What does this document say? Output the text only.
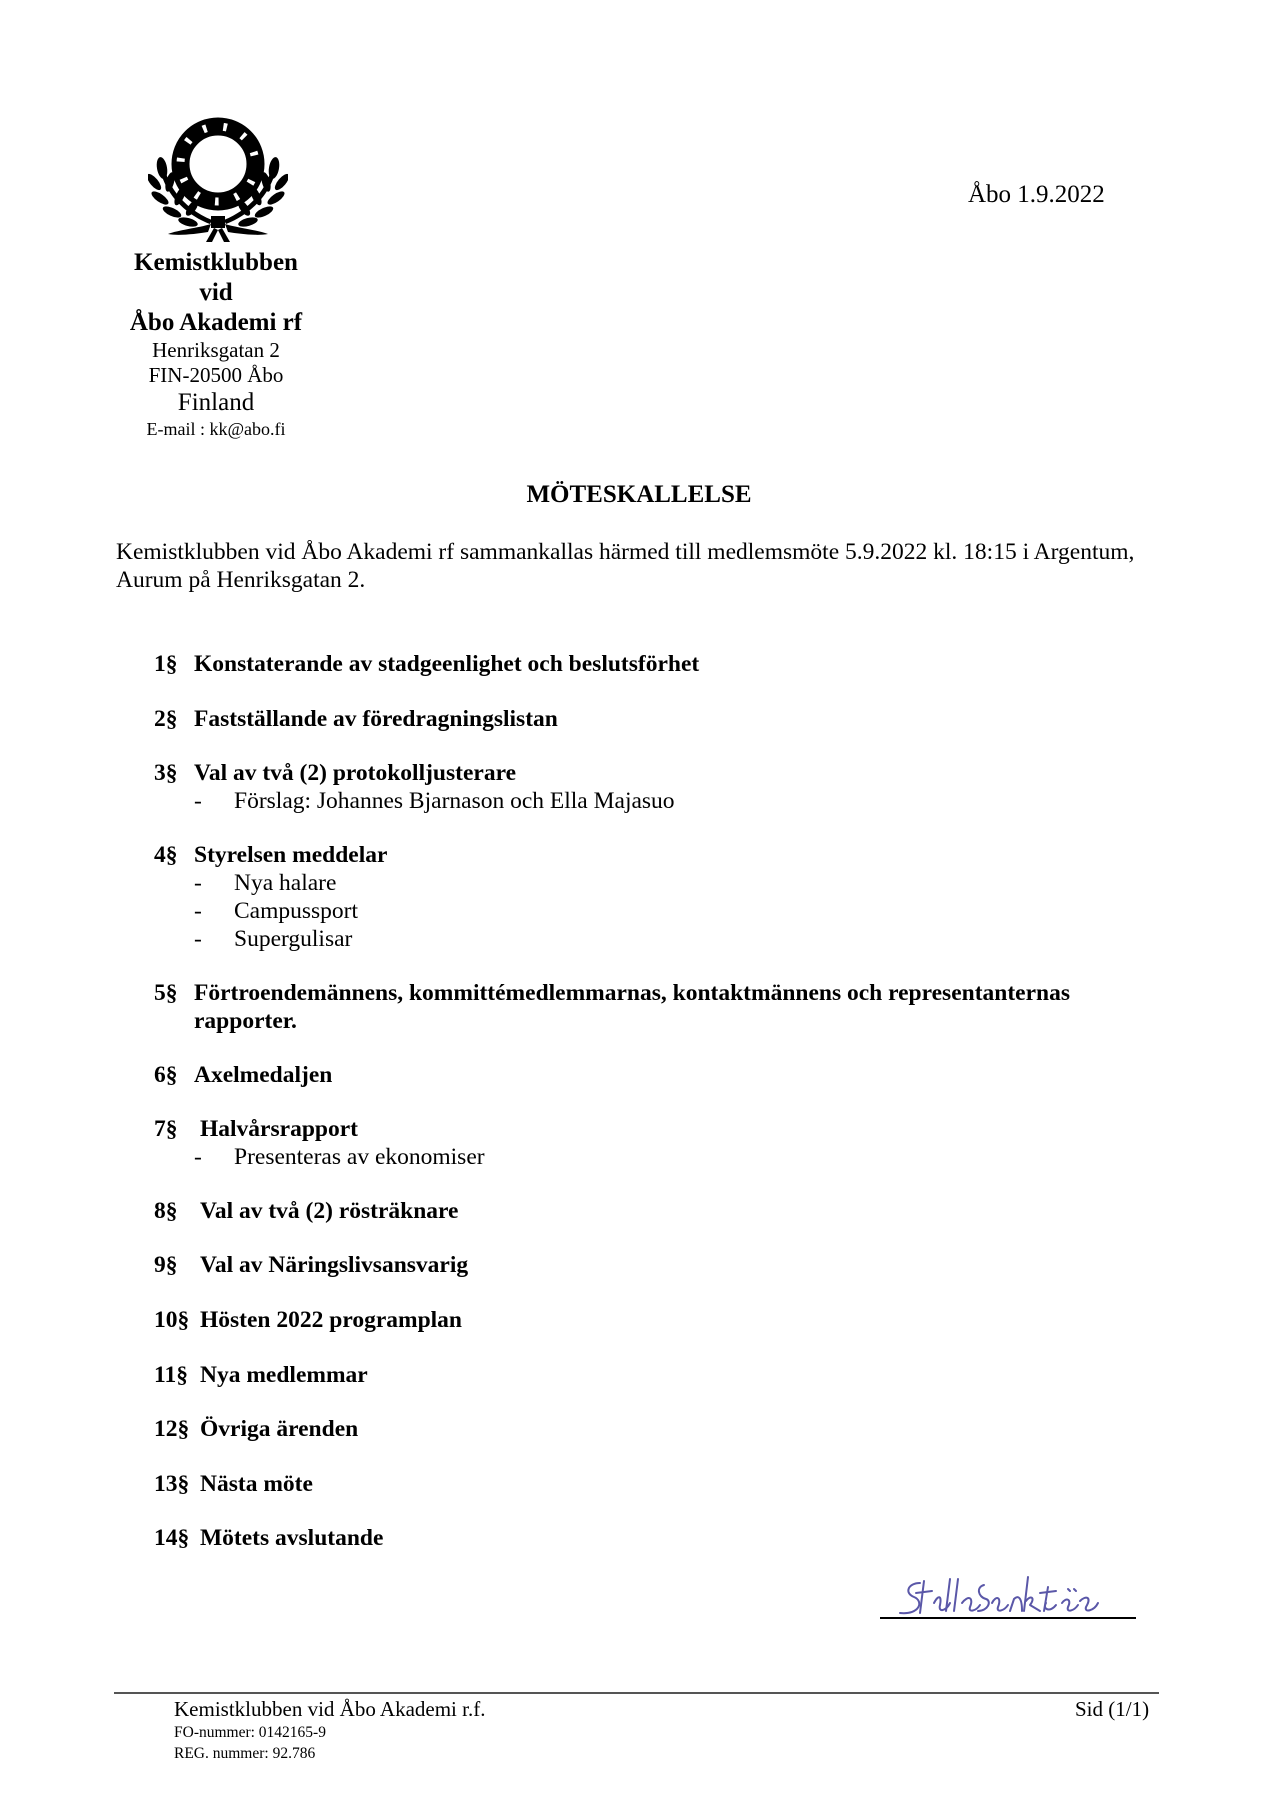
Kemistklubben
vid
Åbo Akademi rf
Henriksgatan 2
FIN-20500 Åbo
Finland
E-mail : kk@abo.fi
Åbo 1.9.2022
MÖTESKALLELSE
Kemistklubben vid Åbo Akademi rf sammankallas härmed till medlemsmöte 5.9.2022 kl. 18:15 i Argentum, Aurum på Henriksgatan 2.
1§ Konstaterande av stadgeenlighet och beslutsförhet
2§ Fastställande av föredragningslistan
3§ Val av två (2) protokolljusterare
- Förslag: Johannes Bjarnason och Ella Majasuo
4§ Styrelsen meddelar
- Nya halare
- Campussport
- Supergulisar
5§ Förtroendemännens, kommittémedlemmarnas, kontaktmännens och representanternas
rapporter.
6§ Axelmedaljen
7§ Halvårsrapport
- Presenteras av ekonomiser
8§ Val av två (2) rösträknare
9§ Val av Näringslivsansvarig
10§ Hösten 2022 programplan
11§ Nya medlemmar
12§ Övriga ärenden
13§ Nästa möte
14§ Mötets avslutande
Kemistklubben vid Åbo Akademi r.f.	Sid (1/1)
FO-nummer: 0142165-9
REG. nummer: 92.786
